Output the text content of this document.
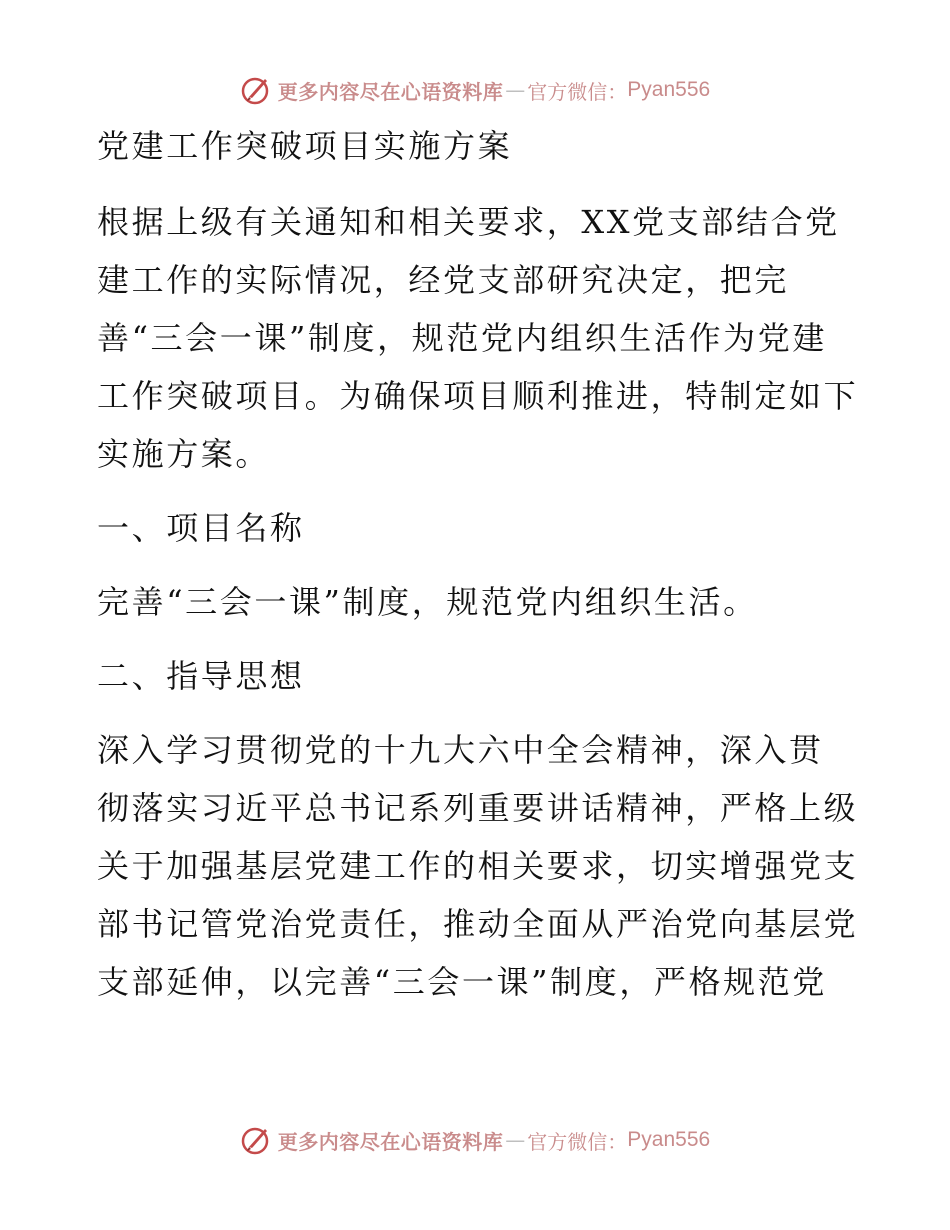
更多内容尽在心语资料库 — 官方微信： Pyan556
党建工作突破项目实施方案
根据上级有关通知和相关要求，XX党支部结合党
建工作的实际情况，经党支部研究决定，把完
善“三会一课”制度，规范党内组织生活作为党建
工作突破项目。为确保项目顺利推进，特制定如下
实施方案。
一、项目名称
完善“三会一课”制度，规范党内组织生活。
二、指导思想
深入学习贯彻党的十九大六中全会精神，深入贯
彻落实习近平总书记系列重要讲话精神，严格上级
关于加强基层党建工作的相关要求，切实增强党支
部书记管党治党责任，推动全面从严治党向基层党
支部延伸，以完善“三会一课”制度，严格规范党
更多内容尽在心语资料库 — 官方微信： Pyan556
